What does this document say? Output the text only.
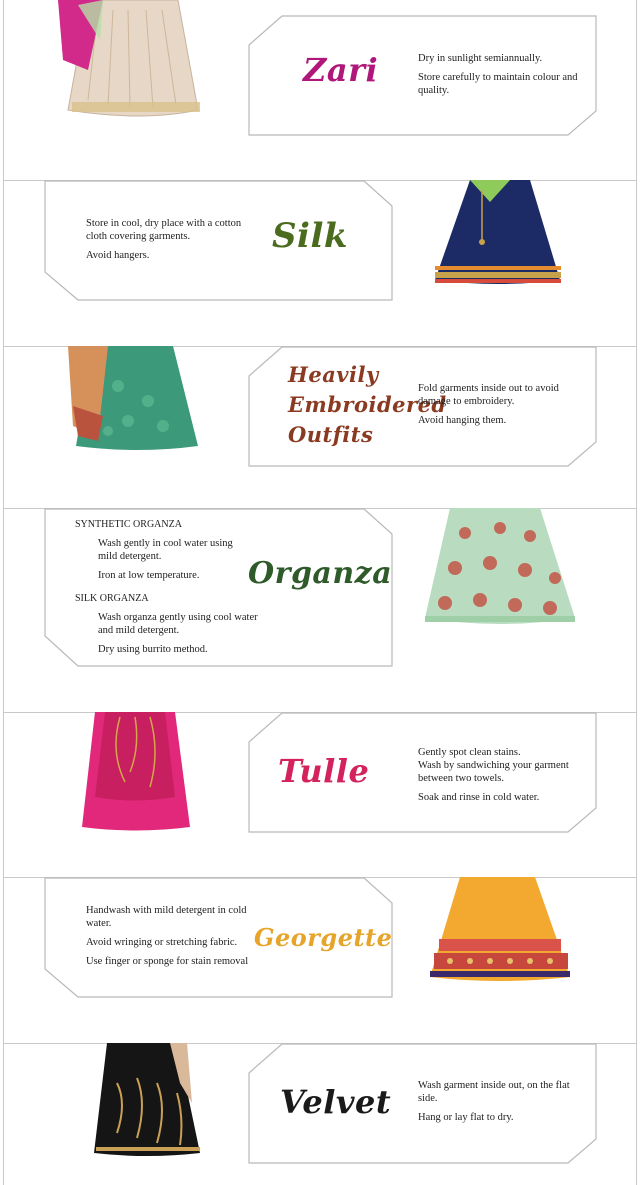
Zari	Dry in sunlight semiannually.

Store carefully to maintain colour and quality.

Store in cool, dry place with a cotton cloth covering garments.

Avoid hangers.	Silk
Heavily
Embroidered
Outfits

Fold garments inside out to avoid damage to embroidery.

Avoid hanging them.

SYNTHETIC ORGANZA

Wash gently in cool water using mild detergent.

Iron at low temperature.

SILK ORGANZA

Wash organza gently using cool water and mild detergent.

Dry using burrito method.

Organza
Tulle	Gently spot clean stains.

Wash by sandwiching your garment between two towels.

Soak and rinse in cold water.

Handwash with mild detergent in cold water.

Avoid wringing or stretching fabric.

Use finger or sponge for stain removal

Georgette
Velvet	Wash garment inside out, on the flat side.

Hang or lay flat to dry.
